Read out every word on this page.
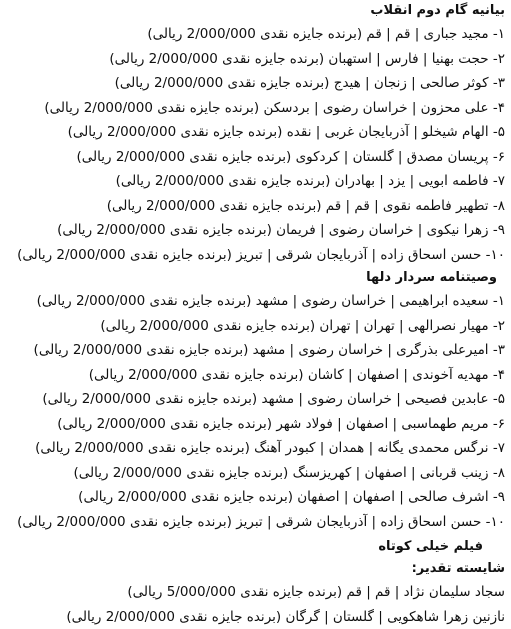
بیانیه گام دوم انقلاب
۱- مجید جباری | قم | قم (برنده جایزه نقدی 2/000/000 ریالی)
۲- حجت بهنیا | فارس | استهبان (برنده جایزه نقدی 2/000/000 ریالی)
۳- کوثر صالحی | زنجان | هیدج (برنده جایزه نقدی 2/000/000 ریالی)
۴- علی محزون | خراسان رضوی | بردسکن (برنده جایزه نقدی 2/000/000 ریالی)
۵- الهام شیخلو | آذربایجان غربی | نقده (برنده جایزه نقدی 2/000/000 ریالی)
۶- پریسان مصدق | گلستان | کردکوی (برنده جایزه نقدی 2/000/000 ریالی)
۷- فاطمه ابویی | یزد | بهادران (برنده جایزه نقدی 2/000/000 ریالی)
۸- تطهیر فاطمه نقوی | قم | قم (برنده جایزه نقدی 2/000/000 ریالی)
۹- زهرا نیکوی | خراسان رضوی | فریمان (برنده جایزه نقدی 2/000/000 ریالی)
۱۰- حسن اسحاق زاده | آذربایجان شرقی | تبریز (برنده جایزه نقدی 2/000/000 ریالی)
وصیتنامه سردار دلها
۱- سعیده ابراهیمی | خراسان رضوی | مشهد (برنده جایزه نقدی 2/000/000 ریالی)
۲- مهیار نصرالهی | تهران | تهران (برنده جایزه نقدی 2/000/000 ریالی)
۳- امیرعلی بذرگری | خراسان رضوی | مشهد (برنده جایزه نقدی 2/000/000 ریالی)
۴- مهدیه آخوندی | اصفهان | کاشان (برنده جایزه نقدی 2/000/000 ریالی)
۵- عابدین فصیحی | خراسان رضوی | مشهد (برنده جایزه نقدی 2/000/000 ریالی)
۶- مریم طهماسبی | اصفهان | فولاد شهر (برنده جایزه نقدی 2/000/000 ریالی)
۷- نرگس محمدی یگانه | همدان | کبودر آهنگ (برنده جایزه نقدی 2/000/000 ریالی)
۸- زینب قربانی | اصفهان | کهریزسنگ (برنده جایزه نقدی 2/000/000 ریالی)
۹- اشرف صالحی | اصفهان | اصفهان (برنده جایزه نقدی 2/000/000 ریالی)
۱۰- حسن اسحاق زاده | آذربایجان شرقی | تبریز (برنده جایزه نقدی 2/000/000 ریالی)
فیلم خیلی کوتاه
شایسته تقدیر:
سجاد سلیمان نژاد | قم | قم (برنده جایزه نقدی 5/000/000 ریالی)
نازنین زهرا شاهکویی | گلستان | گرگان (برنده جایزه نقدی 2/000/000 ریالی)
